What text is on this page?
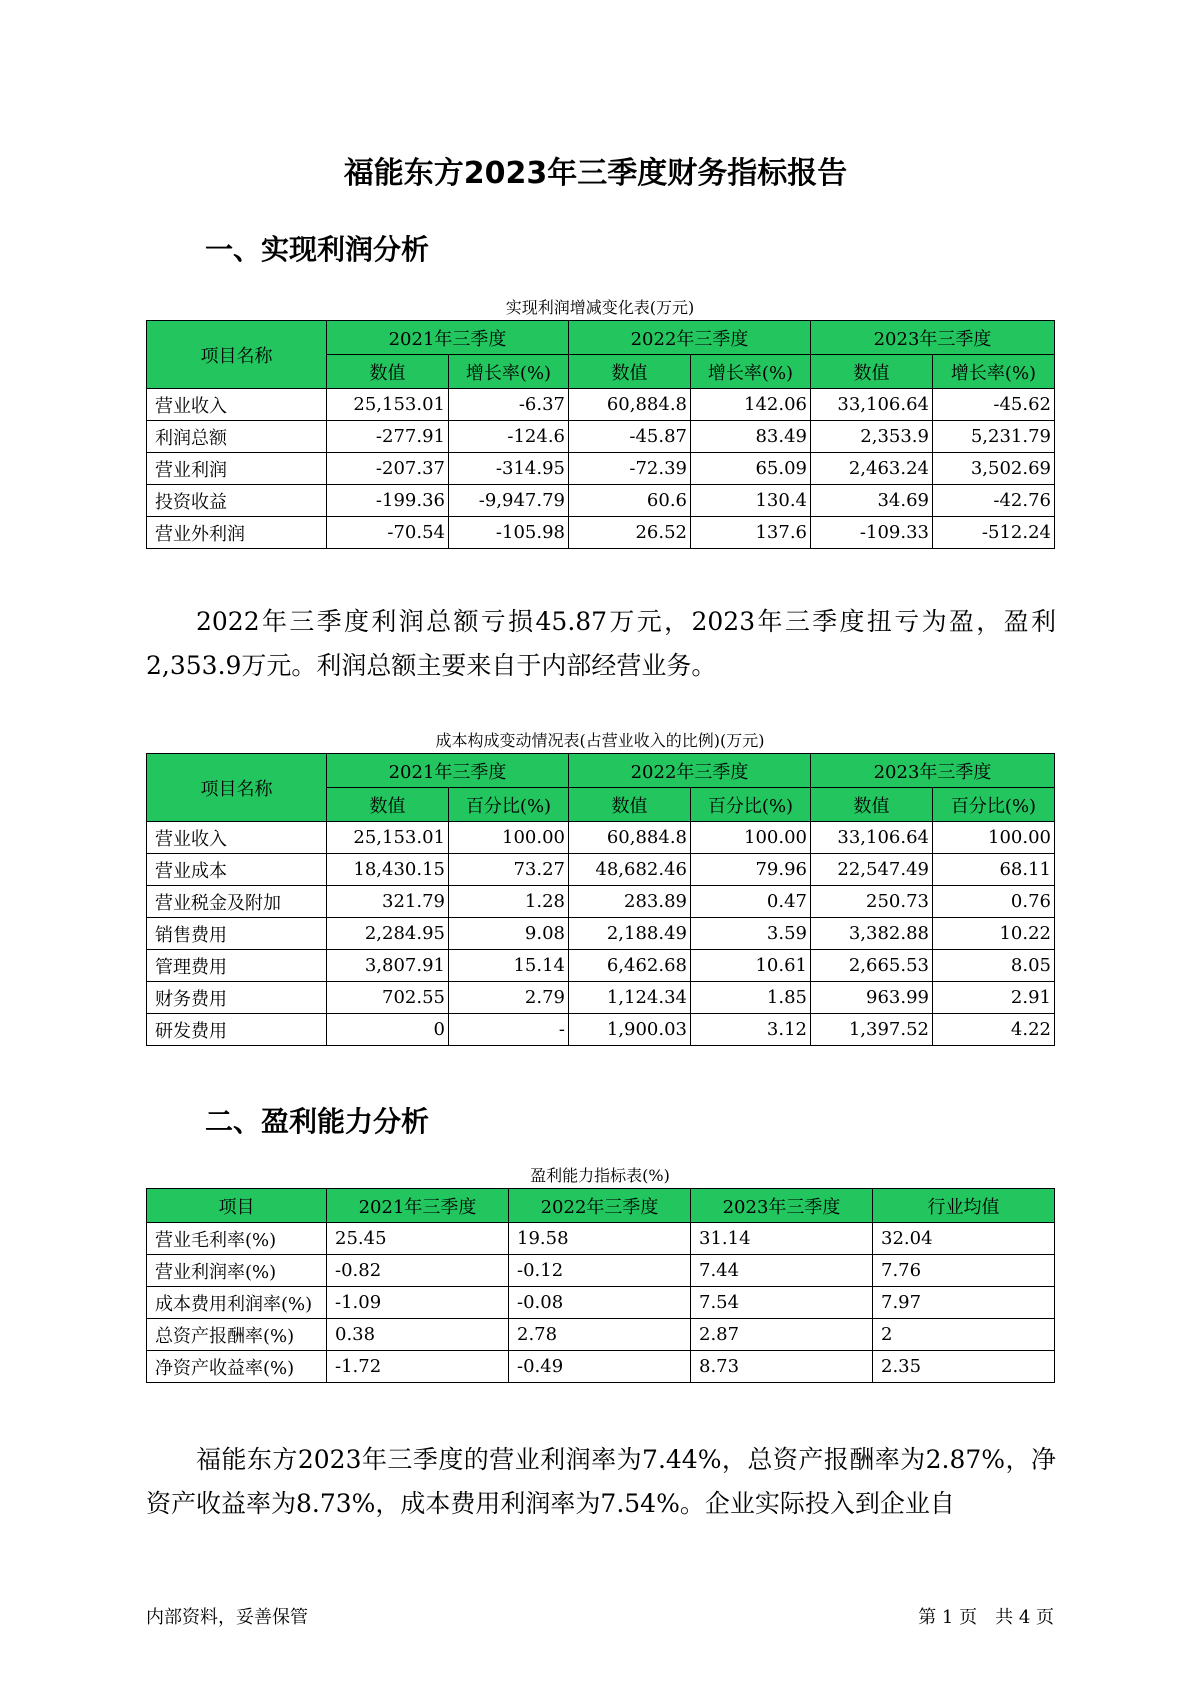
福能东方2023年三季度财务指标报告
一、实现利润分析
实现利润增减变化表(万元)
项目名称	2021年三季度		2022年三季度		2023年三季度	
	数值	增长率(%)	数值	增长率(%)	数值	增长率(%)
营业收入	25,153.01	-6.37	60,884.8	142.06	33,106.64	-45.62
利润总额	-277.91	-124.6	-45.87	83.49	2,353.9	5,231.79
营业利润	-207.37	-314.95	-72.39	65.09	2,463.24	3,502.69
投资收益	-199.36	-9,947.79	60.6	130.4	34.69	-42.76
营业外利润	-70.54	-105.98	26.52	137.6	-109.33	-512.24
2022年三季度利润总额亏损45.87万元，2023年三季度扭亏为盈，盈利2,353.9万元。利润总额主要来自于内部经营业务。
成本构成变动情况表(占营业收入的比例)(万元)
项目名称	2021年三季度		2022年三季度		2023年三季度	
	数值	百分比(%)	数值	百分比(%)	数值	百分比(%)
营业收入	25,153.01	100.00	60,884.8	100.00	33,106.64	100.00
营业成本	18,430.15	73.27	48,682.46	79.96	22,547.49	68.11
营业税金及附加	321.79	1.28	283.89	0.47	250.73	0.76
销售费用	2,284.95	9.08	2,188.49	3.59	3,382.88	10.22
管理费用	3,807.91	15.14	6,462.68	10.61	2,665.53	8.05
财务费用	702.55	2.79	1,124.34	1.85	963.99	2.91
研发费用	0	-	1,900.03	3.12	1,397.52	4.22
二、盈利能力分析
盈利能力指标表(%)
项目	2021年三季度	2022年三季度	2023年三季度	行业均值
营业毛利率(%)	25.45	19.58	31.14	32.04
营业利润率(%)	-0.82	-0.12	7.44	7.76
成本费用利润率(%)	-1.09	-0.08	7.54	7.97
总资产报酬率(%)	0.38	2.78	2.87	2
净资产收益率(%)	-1.72	-0.49	8.73	2.35
福能东方2023年三季度的营业利润率为7.44%，总资产报酬率为2.87%，净资产收益率为8.73%，成本费用利润率为7.54%。企业实际投入到企业自
内部资料，妥善保管	第 1 页　共 4 页
